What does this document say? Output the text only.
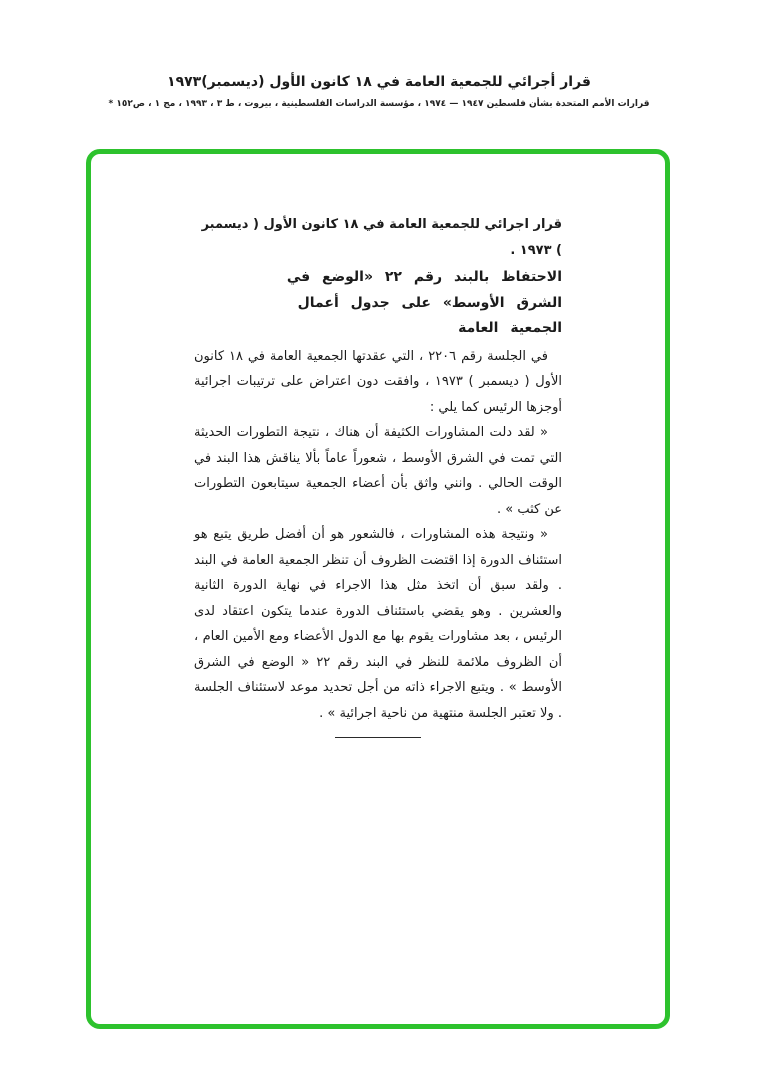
قرار أجرائي للجمعية العامة في ١٨ كانون الأول (ديسمبر)١٩٧٣
قرارات الأمم المتحدة بشأن فلسطين ١٩٤٧ — ١٩٧٤ ، مؤسسة الدراسات الفلسطينية ، بيروت ، ط ٣ ، ١٩٩٣ ، مج ١ ، ص١٥٢ *

قرار اجرائي للجمعية العامة في ١٨ كانون الأول ( ديسمبر ) ١٩٧٣ .

الاحتفاظ بالبند رقم ٢٢ «الوضع في
الشرق الأوسط» على جدول أعمال
الجمعية العامة

في الجلسة رقم ٢٢٠٦ ، التي عقدتها الجمعية العامة في ١٨ كانون الأول ( ديسمبر ) ١٩٧٣ ، وافقت دون اعتراض على ترتيبات اجرائية أوجزها الرئيس كما يلي :

« لقد دلت المشاورات الكثيفة أن هناك ، نتيجة التطورات الحديثة التي تمت في الشرق الأوسط ، شعوراً عاماً بألا يناقش هذا البند في الوقت الحالي . وانني واثق بأن أعضاء الجمعية سيتابعون التطورات عن كثب » .

« ونتيجة هذه المشاورات ، فالشعور هو أن أفضل طريق يتبع هو استئناف الدورة إذا اقتضت الظروف أن تنظر الجمعية العامة في البند . ولقد سبق أن اتخذ مثل هذا الاجراء في نهاية الدورة الثانية والعشرين . وهو يقضي باستئناف الدورة عندما يتكون اعتقاد لدى الرئيس ، بعد مشاورات يقوم بها مع الدول الأعضاء ومع الأمين العام ، أن الظروف ملائمة للنظر في البند رقم ٢٢ « الوضع في الشرق الأوسط » . ويتبع الاجراء ذاته من أجل تحديد موعد لاستئناف الجلسة . ولا تعتبر الجلسة منتهية من ناحية اجرائية » .
